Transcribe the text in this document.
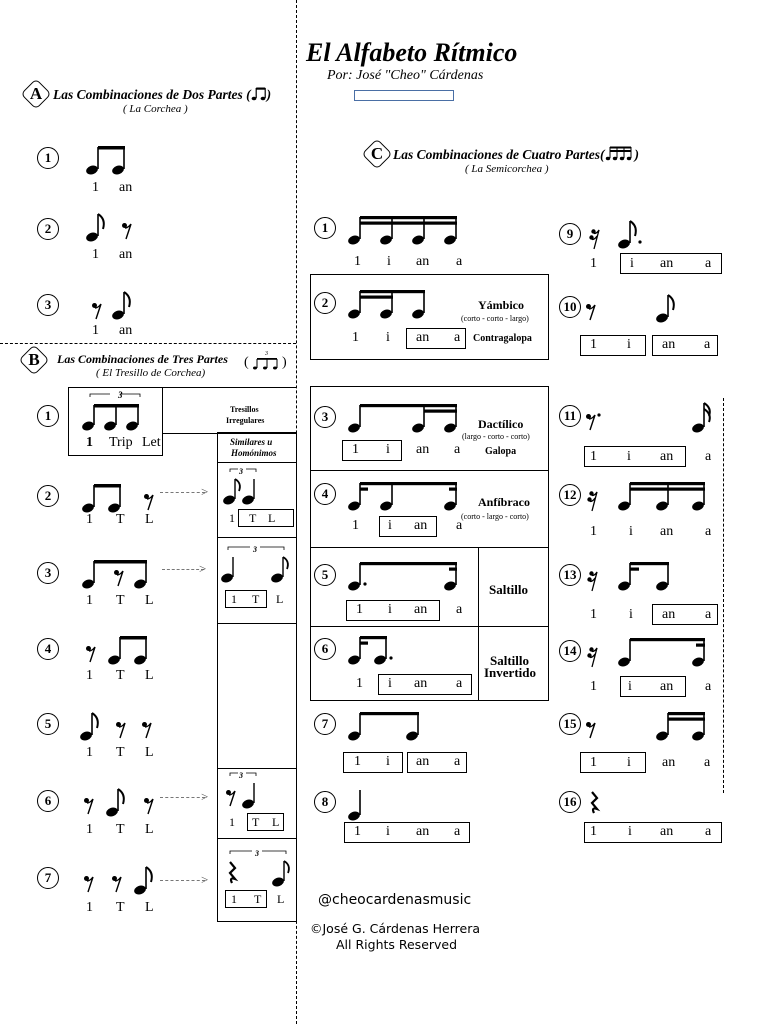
El Alfabeto Rítmico
Por: José "Cheo" Cárdenas
A Las Combinaciones de Dos Partes ( )
( La Corchea )
1
1 an
2
1 an
3
1 an
B	Las Combinaciones de Tres Partes (
3
)
( El Tresillo de Corchea)
1
3
1 Trip Let
Tresillos
Irregulares
Similares u
Homónimos
2
1 T L
>
3
1 T L
3
1 T L
>
3
1 T L
4
1 T L
5
1 T L
6
1 T L
>
3
1 T L
7
1 T L
>
3
1 T L
C Las Combinaciones de Cuatro Partes( )
( La Semicorchea )
1
1 i an a
2	Yámbico
(corto - corto - largo)
1 i an a Contragalopa
3	Dactílico
(largo - corto - corto)
1 i an a Galopa
4
Anfíbraco
(corto - largo - corto)
1 i an a
5
Saltillo
1 i an a
6
Saltillo
Invertido
1 i an a
7
1 i an a
8
1 i an a
9
1 i an a
10
1 i an a
11
1 i an a
12
1 i an a
13
1 i an a
14
1 i an a
15
1 i an a
16
1 i an a
@cheocardenasmusic
©José G. Cárdenas Herrera
All Rights Reserved
